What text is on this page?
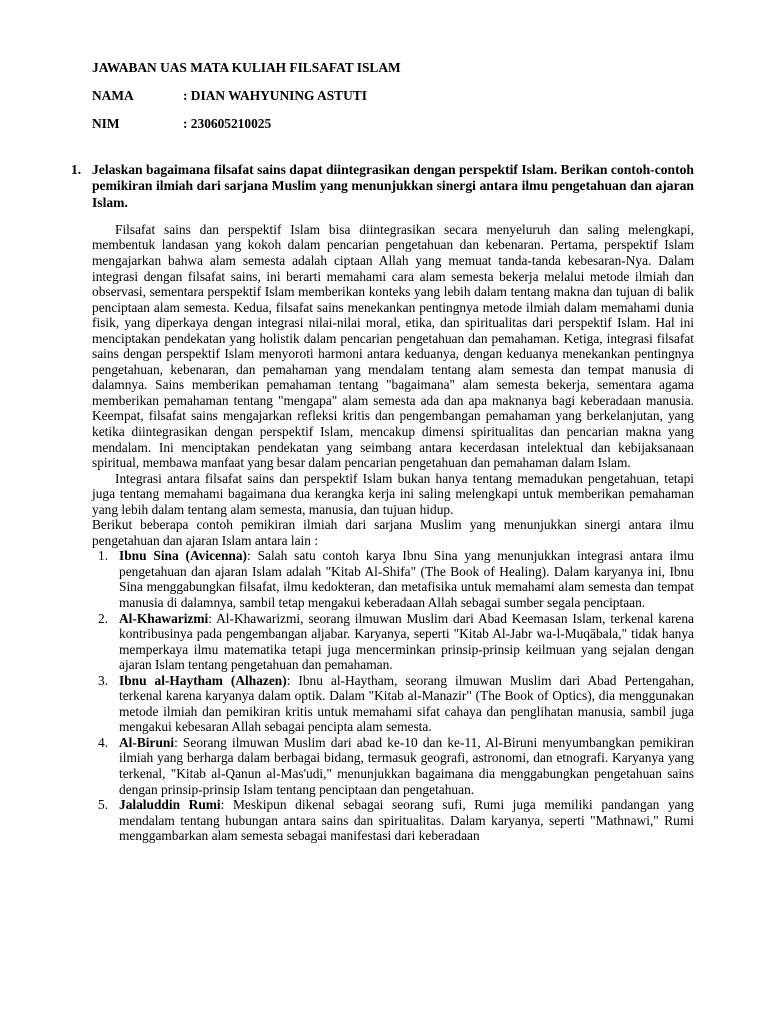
JAWABAN UAS MATA KULIAH FILSAFAT ISLAM
NAMA	: DIAN WAHYUNING ASTUTI
NIM	: 230605210025
1. Jelaskan bagaimana filsafat sains dapat diintegrasikan dengan perspektif Islam. Berikan contoh-contoh pemikiran ilmiah dari sarjana Muslim yang menunjukkan sinergi antara ilmu pengetahuan dan ajaran Islam.

Filsafat sains dan perspektif Islam bisa diintegrasikan secara menyeluruh dan saling melengkapi, membentuk landasan yang kokoh dalam pencarian pengetahuan dan kebenaran. Pertama, perspektif Islam mengajarkan bahwa alam semesta adalah ciptaan Allah yang memuat tanda-tanda kebesaran-Nya. Dalam integrasi dengan filsafat sains, ini berarti memahami cara alam semesta bekerja melalui metode ilmiah dan observasi, sementara perspektif Islam memberikan konteks yang lebih dalam tentang makna dan tujuan di balik penciptaan alam semesta. Kedua, filsafat sains menekankan pentingnya metode ilmiah dalam memahami dunia fisik, yang diperkaya dengan integrasi nilai-nilai moral, etika, dan spiritualitas dari perspektif Islam. Hal ini menciptakan pendekatan yang holistik dalam pencarian pengetahuan dan pemahaman. Ketiga, integrasi filsafat sains dengan perspektif Islam menyoroti harmoni antara keduanya, dengan keduanya menekankan pentingnya pengetahuan, kebenaran, dan pemahaman yang mendalam tentang alam semesta dan tempat manusia di dalamnya. Sains memberikan pemahaman tentang "bagaimana" alam semesta bekerja, sementara agama memberikan pemahaman tentang "mengapa" alam semesta ada dan apa maknanya bagi keberadaan manusia. Keempat, filsafat sains mengajarkan refleksi kritis dan pengembangan pemahaman yang berkelanjutan, yang ketika diintegrasikan dengan perspektif Islam, mencakup dimensi spiritualitas dan pencarian makna yang mendalam. Ini menciptakan pendekatan yang seimbang antara kecerdasan intelektual dan kebijaksanaan spiritual, membawa manfaat yang besar dalam pencarian pengetahuan dan pemahaman dalam Islam.

Integrasi antara filsafat sains dan perspektif Islam bukan hanya tentang memadukan pengetahuan, tetapi juga tentang memahami bagaimana dua kerangka kerja ini saling melengkapi untuk memberikan pemahaman yang lebih dalam tentang alam semesta, manusia, dan tujuan hidup.

Berikut beberapa contoh pemikiran ilmiah dari sarjana Muslim yang menunjukkan sinergi antara ilmu pengetahuan dan ajaran Islam antara lain :

1. Ibnu Sina (Avicenna): Salah satu contoh karya Ibnu Sina yang menunjukkan integrasi antara ilmu pengetahuan dan ajaran Islam adalah "Kitab Al-Shifa" (The Book of Healing). Dalam karyanya ini, Ibnu Sina menggabungkan filsafat, ilmu kedokteran, dan metafisika untuk memahami alam semesta dan tempat manusia di dalamnya, sambil tetap mengakui keberadaan Allah sebagai sumber segala penciptaan.
2. Al-Khawarizmi: Al-Khawarizmi, seorang ilmuwan Muslim dari Abad Keemasan Islam, terkenal karena kontribusinya pada pengembangan aljabar. Karyanya, seperti "Kitab Al-Jabr wa-l-Muqābala," tidak hanya memperkaya ilmu matematika tetapi juga mencerminkan prinsip-prinsip keilmuan yang sejalan dengan ajaran Islam tentang pengetahuan dan pemahaman.
3. Ibnu al-Haytham (Alhazen): Ibnu al-Haytham, seorang ilmuwan Muslim dari Abad Pertengahan, terkenal karena karyanya dalam optik. Dalam "Kitab al-Manazir" (The Book of Optics), dia menggunakan metode ilmiah dan pemikiran kritis untuk memahami sifat cahaya dan penglihatan manusia, sambil juga mengakui kebesaran Allah sebagai pencipta alam semesta.
4. Al-Biruni: Seorang ilmuwan Muslim dari abad ke-10 dan ke-11, Al-Biruni menyumbangkan pemikiran ilmiah yang berharga dalam berbagai bidang, termasuk geografi, astronomi, dan etnografi. Karyanya yang terkenal, "Kitab al-Qanun al-Mas'udi," menunjukkan bagaimana dia menggabungkan pengetahuan sains dengan prinsip-prinsip Islam tentang penciptaan dan pengetahuan.
5. Jalaluddin Rumi: Meskipun dikenal sebagai seorang sufi, Rumi juga memiliki pandangan yang mendalam tentang hubungan antara sains dan spiritualitas. Dalam karyanya, seperti "Mathnawi," Rumi menggambarkan alam semesta sebagai manifestasi dari keberadaan
